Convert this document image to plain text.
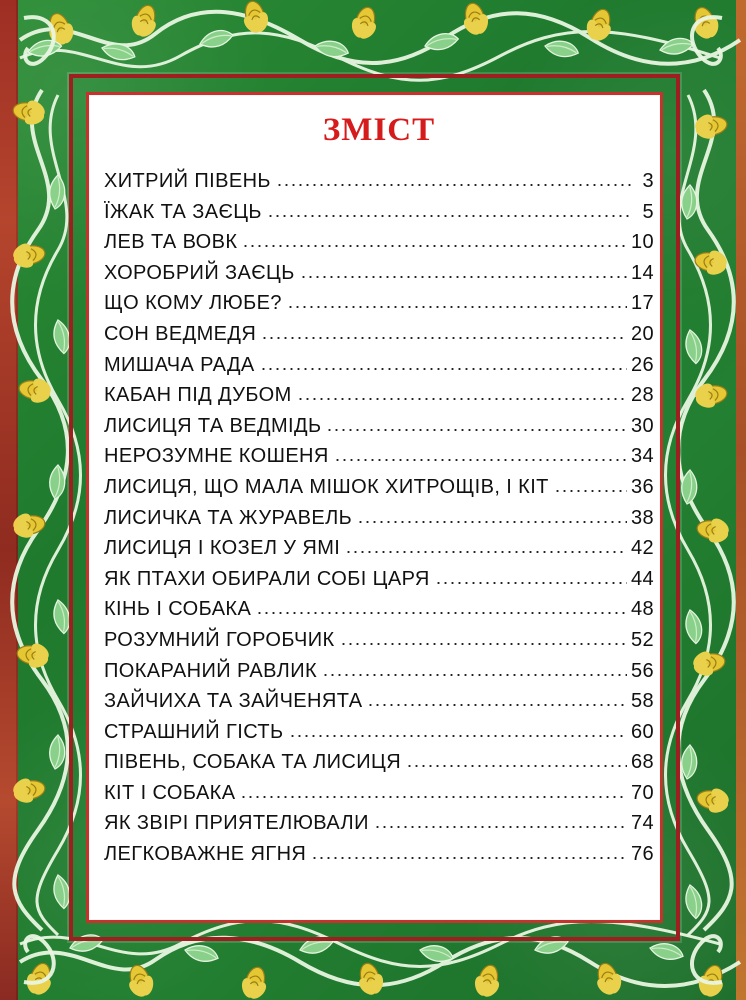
ЗМІСТ
ХИТРИЙ ПІВЕНЬ	3
ЇЖАК ТА ЗАЄЦЬ	5
ЛЕВ ТА ВОВК	10
ХОРОБРИЙ ЗАЄЦЬ	14
ЩО КОМУ ЛЮБЕ?	17
СОН ВЕДМЕДЯ	20
МИШАЧА РАДА	26
КАБАН ПІД ДУБОМ	28
ЛИСИЦЯ ТА ВЕДМІДЬ	30
НЕРОЗУМНЕ КОШЕНЯ	34
ЛИСИЦЯ, ЩО МАЛА МІШОК ХИТРОЩІВ, І КІТ	36
ЛИСИЧКА ТА ЖУРАВЕЛЬ	38
ЛИСИЦЯ І КОЗЕЛ У ЯМІ	42
ЯК ПТАХИ ОБИРАЛИ СОБІ ЦАРЯ	44
КІНЬ І СОБАКА	48
РОЗУМНИЙ ГОРОБЧИК	52
ПОКАРАНИЙ РАВЛИК	56
ЗАЙЧИХА ТА ЗАЙЧЕНЯТА	58
СТРАШНИЙ ГІСТЬ	60
ПІВЕНЬ, СОБАКА ТА ЛИСИЦЯ	68
КІТ І СОБАКА	70
ЯК ЗВІРІ ПРИЯТЕЛЮВАЛИ	74
ЛЕГКОВАЖНЕ ЯГНЯ	76
